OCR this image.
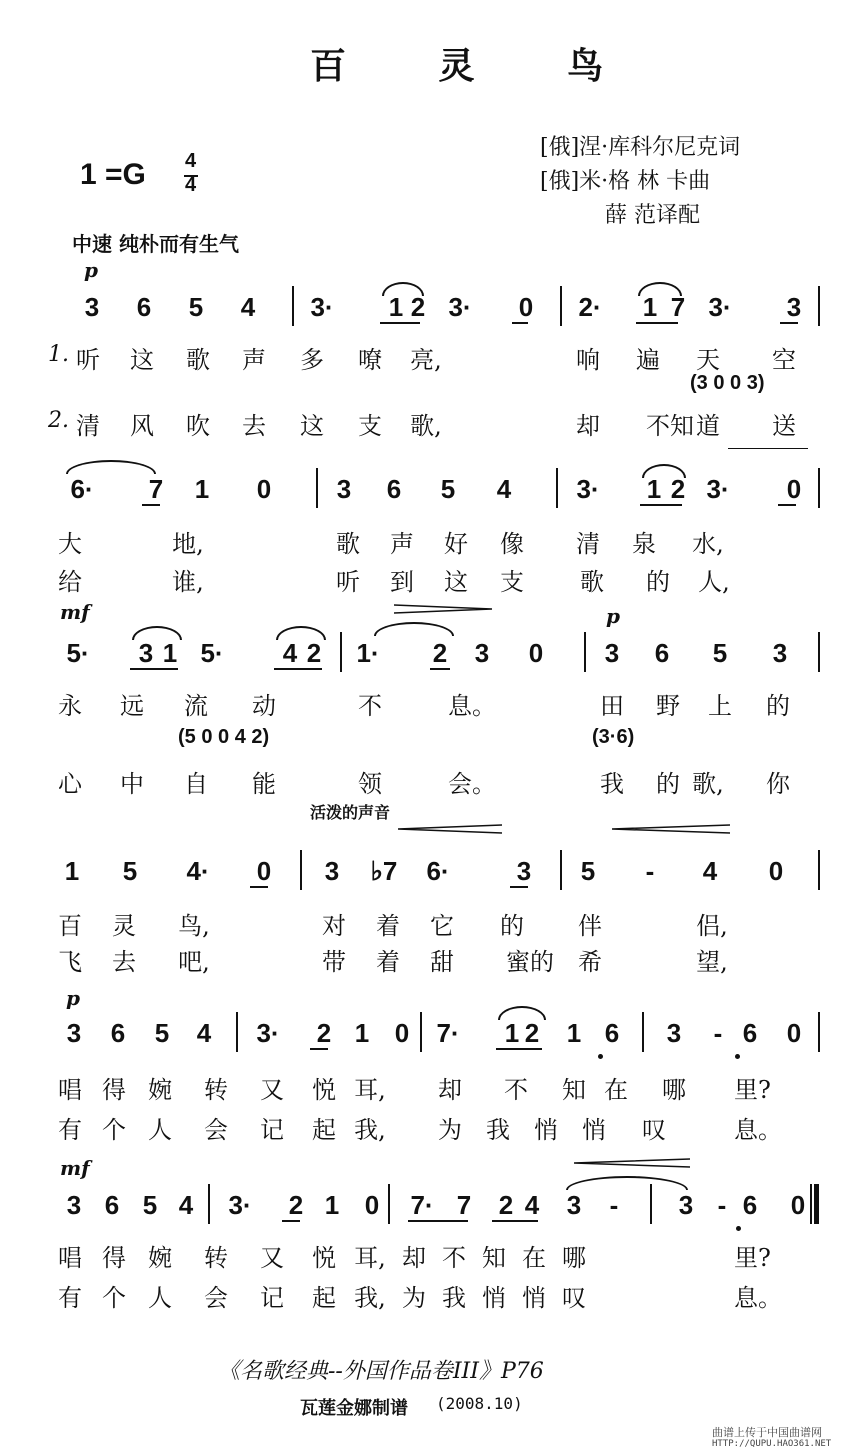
百 灵 鸟
1 =G 4
4
[俄]涅·库科尔尼克词
[俄]米·格 林 卡曲
薛 范译配
中速 纯朴而有生气
p
3 6 5 4 3· 1 2 3· 0 2· 1 7 3· 3
1. 听 这 歌 声 多 嘹 亮,	响 遍 天 空
(3 0 0 3)
2. 清 风 吹 去 这 支 歌,	却 不知 道 送
6· 7 1 0	3 6 5 4	3· 1 2 3· 0
大	地,	歌 声 好 像 清 泉 水,
给	谁,	听 到 这 支 歌 的 人,
mf	p
5· 3 1 5· 4 2 1· 2 3 0 3 6 5 3
永 远 流 动	不	息。	田 野 上 的
(5 0 0 4 2)	(3·6)
心 中 自 能	领	会。	我 的 歌, 你
活泼的声音
1 5 4· 0 3 ♭7 6·	3 5	-	4 0
百 灵 鸟,	对 着 它 的 伴	侣,
飞 去 吧,	带 着 甜 蜜的 希	望,
p
3 6 5 4 3· 2 1 0 7· 1 2 1 6 3	- 6 0
唱 得 婉 转 又 悦 耳, 却 不 知 在 哪 里?
有 个 人 会 记 起 我, 为 我 悄 悄 叹	息。
mf
3 6 5 4 3· 2 1 0 7· 7 2 4 3	-	3 - 6 0
唱 得 婉 转 又 悦 耳, 却 不 知 在 哪	里?
有 个 人 会 记 起 我, 为 我 悄 悄 叹	息。
《名歌经典--外国作品卷III》P76
瓦莲金娜制谱 (2008.10)
曲谱上传于中国曲谱网
HTTP://QUPU.HAO361.NET
